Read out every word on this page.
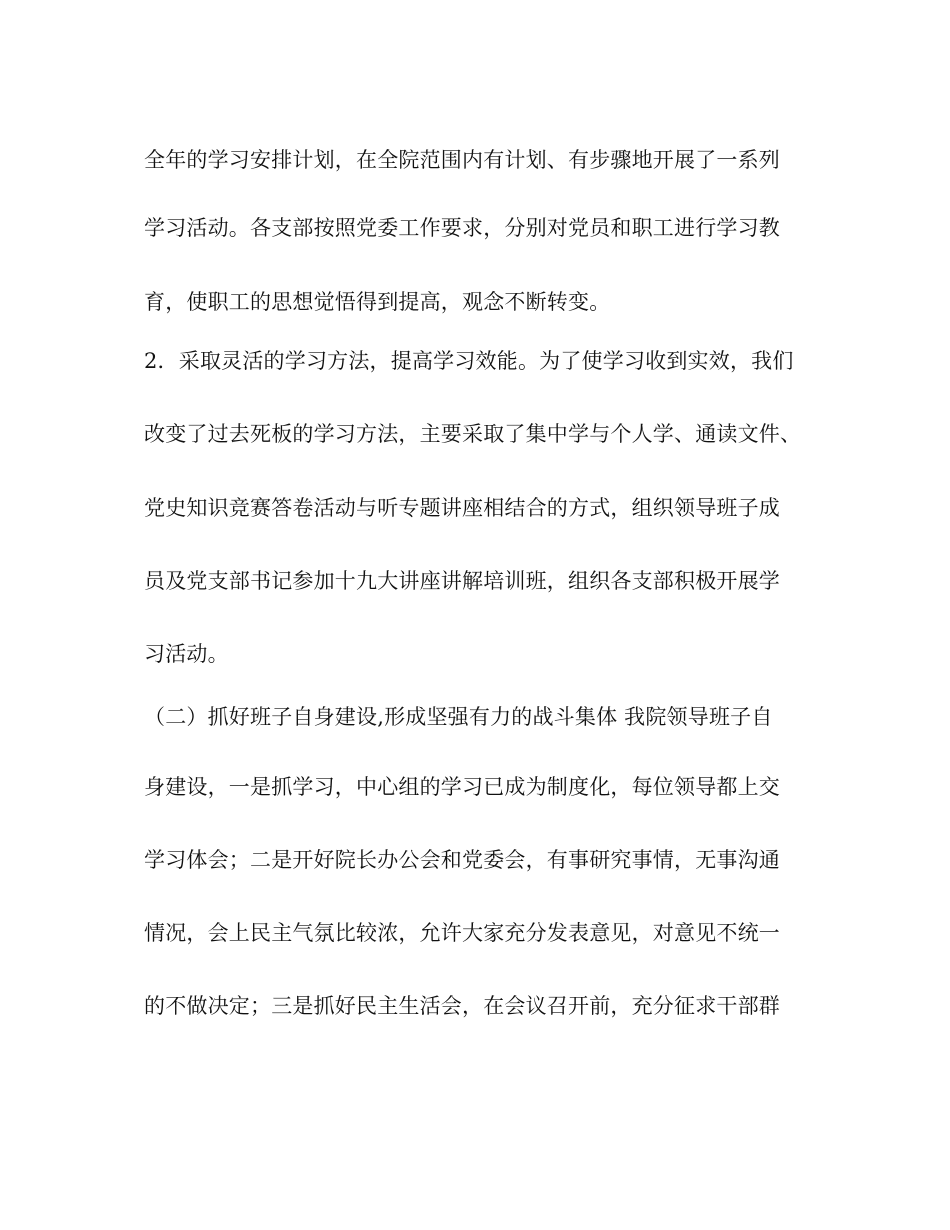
全年的学习安排计划，在全院范围内有计划、有步骤地开展了一系列
学习活动。各支部按照党委工作要求，分别对党员和职工进行学习教
育，使职工的思想觉悟得到提高，观念不断转变。
2．采取灵活的学习方法，提高学习效能。为了使学习收到实效，我们
改变了过去死板的学习方法，主要采取了集中学与个人学、通读文件、
党史知识竞赛答卷活动与听专题讲座相结合的方式，组织领导班子成
员及党支部书记参加十九大讲座讲解培训班，组织各支部积极开展学
习活动。
（二）抓好班子自身建设,形成坚强有力的战斗集体 我院领导班子自
身建设，一是抓学习，中心组的学习已成为制度化，每位领导都上交
学习体会；二是开好院长办公会和党委会，有事研究事情，无事沟通
情况，会上民主气氛比较浓，允许大家充分发表意见，对意见不统一
的不做决定；三是抓好民主生活会，在会议召开前，充分征求干部群
